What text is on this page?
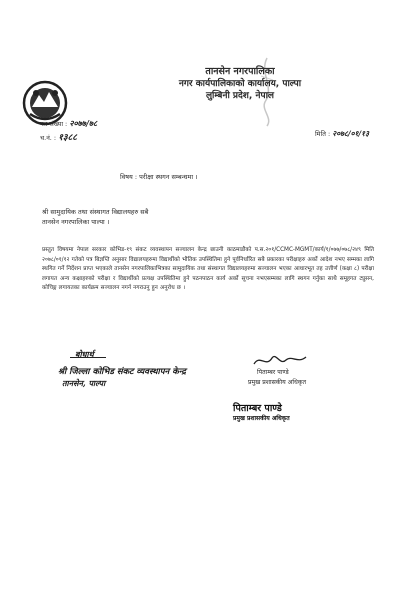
तानसेन नगरपालिका
नगर कार्यपालिकाको कार्यालय, पाल्पा
लुम्बिनी प्रदेश, नेपाल
पत्र संख्या : २०७७/७८
च.नं. : १३८८	मिति : २०७८/०१/१३
विषय : परीक्षा स्थगन सम्बन्धमा ।
श्री सामुदायिक तथा संस्थागत विद्यालयहरु सबै
तानसेन नगरपालिका पाल्पा ।
प्रस्तुत विषयमा नेपाल सरकार कोभिड-१९ संकट व्यवस्थापन सञ्चालन केन्द्र छाउनी काठमाडौको प.स.२०१/CCMC-MGMT/कार्य/१/०७७/०७८/२४९ मिति २०७८/०१/१२ गतेको पत्र बिज्ञप्ति अनुसार विद्यालयहरुमा विद्यार्थीको भौतिक उपस्थितिमा हुने पूर्वनिर्धारित सबै प्रकारका परीक्षाहरु अर्को आदेश नभए सम्मका लागि स्थगित गर्ने निर्देशन प्राप्त भएकाले तानसेन नगरपालिकाभित्रका सामुदायिक तथा संस्थागत विद्यालयहरुमा सञ्चालन भएका आधारभूत तह उत्तीर्ण (कक्षा ८) परीक्षा लगायत अन्य कक्षाहरुको परीक्षा र विद्यार्थीको प्रत्यक्ष उपस्थितिमा हुने पठनपाठन कार्य अर्को सूचना नभएसम्मका लागि स्थगन गर्नुका साथै समूहगत ट्युसन, कोचिङ्ग लगायतका कार्यक्रम सञ्चालन नगर्न नगराउनु हुन अनुरोध छ ।
बोधार्थ
श्री जिल्ला कोभिड संकट व्यवस्थापन केन्द्र
तानसेन, पाल्पा
पिताम्बर पाण्डे
प्रमुख प्रशासकीय अधिकृत
पिताम्बर पाण्डे
प्रमुख प्रशासकीय अधिकृत
